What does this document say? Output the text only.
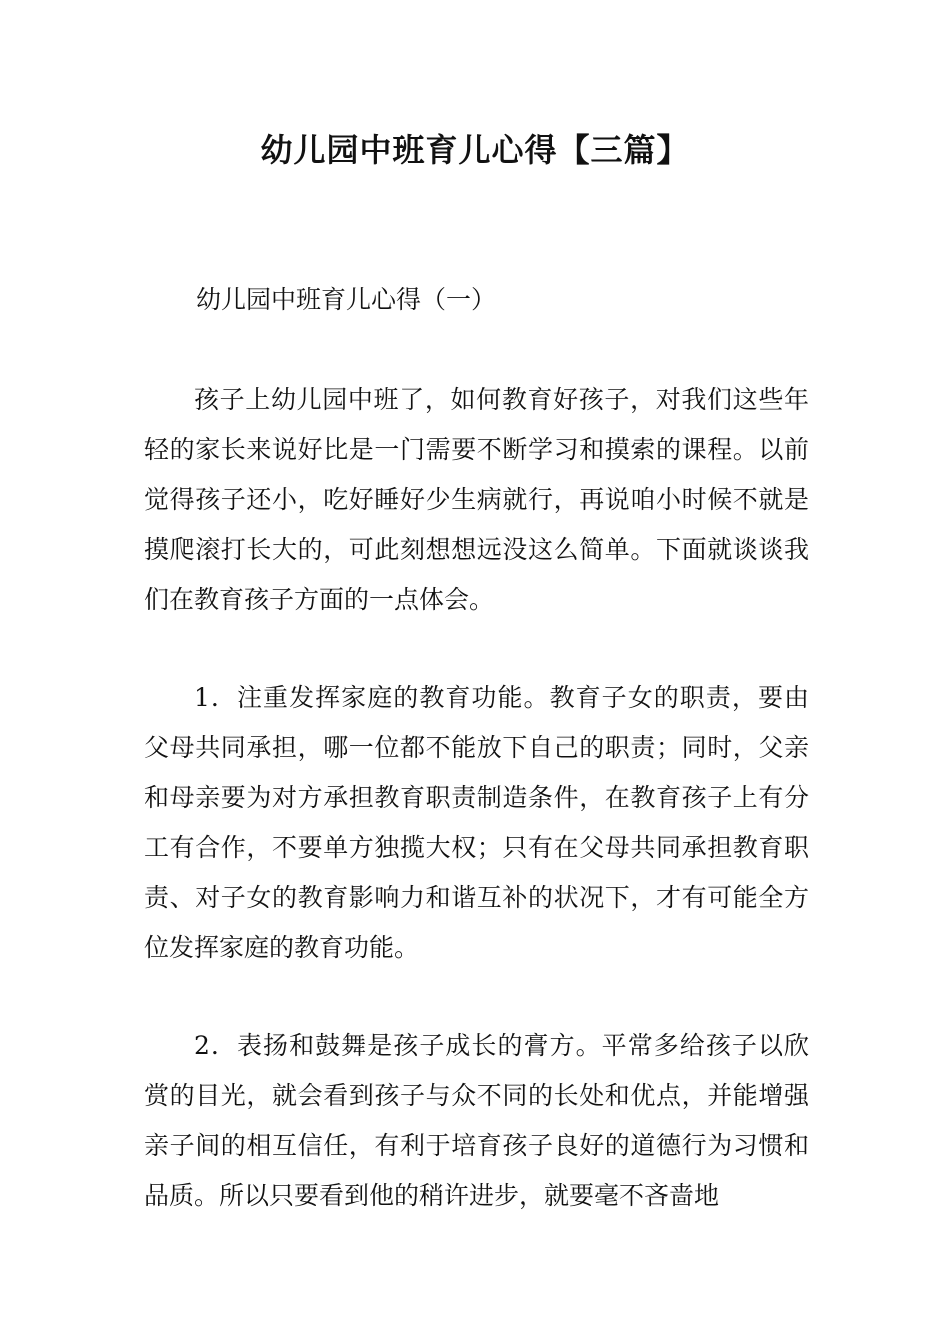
幼儿园中班育儿心得【三篇】
幼儿园中班育儿心得（一）

孩子上幼儿园中班了，如何教育好孩子，对我们这些年轻的家长来说好比是一门需要不断学习和摸索的课程。以前觉得孩子还小，吃好睡好少生病就行，再说咱小时候不就是摸爬滚打长大的，可此刻想想远没这么简单。下面就谈谈我们在教育孩子方面的一点体会。

1．注重发挥家庭的教育功能。教育子女的职责，要由父母共同承担，哪一位都不能放下自己的职责；同时，父亲和母亲要为对方承担教育职责制造条件，在教育孩子上有分工有合作，不要单方独揽大权；只有在父母共同承担教育职责、对子女的教育影响力和谐互补的状况下，才有可能全方位发挥家庭的教育功能。

2．表扬和鼓舞是孩子成长的膏方。平常多给孩子以欣赏的目光，就会看到孩子与众不同的长处和优点，并能增强亲子间的相互信任，有利于培育孩子良好的道德行为习惯和品质。所以只要看到他的稍许进步，就要毫不吝啬地
